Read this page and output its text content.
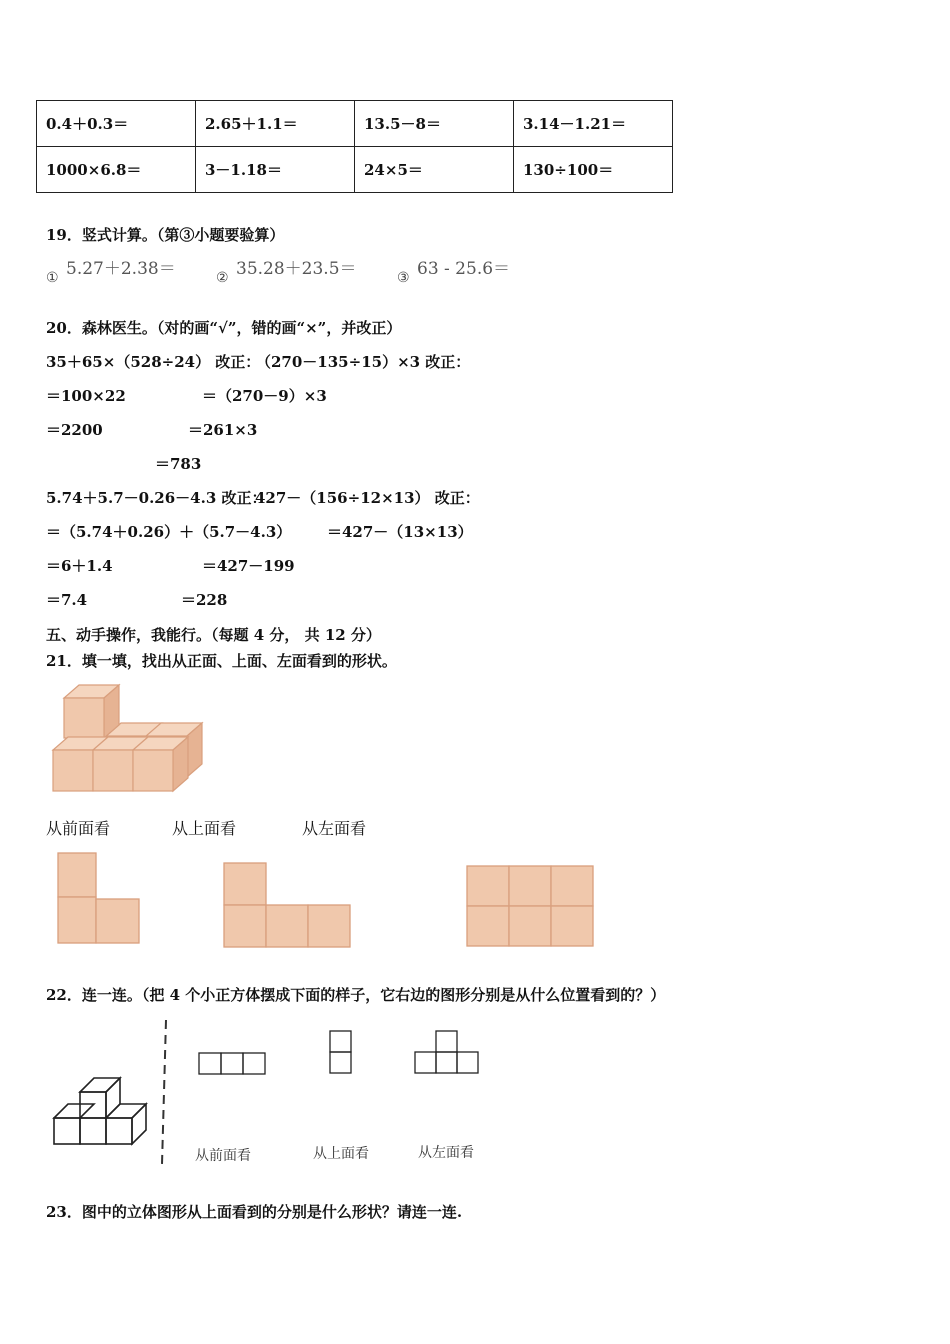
0.4＋0.3＝	2.65＋1.1＝	13.5－8＝	3.14－1.21＝
1000×6.8＝	3－1.18＝	24×5＝	130÷100＝
19．竖式计算。（第③小题要验算）
① 5.27＋2.38＝	② 35.28＋23.5＝	③ 63 - 25.6＝
20．森林医生。（对的画“√”，错的画“×”，并改正）
35＋65×（528÷24） 改正：
（270－135÷15）×3 改正：
＝100×22	＝（270－9）×3
＝2200	＝261×3
＝783
5.74＋5.7－0.26－4.3 改正：
427－（156÷12×13） 改正：
＝（5.74＋0.26）＋（5.7－4.3） ＝427－（13×13）
＝6＋1.4	＝427－199
＝7.4	＝228
五、动手操作，我能行。（每题 4 分， 共 12 分）
21．填一填，找出从正面、上面、左面看到的形状。
从前面看	从上面看	从左面看
22．连一连。（把 4 个小正方体摆成下面的样子，它右边的图形分别是从什么位置看到的？）
从前面看	从上面看	从左面看
23．图中的立体图形从上面看到的分别是什么形状？请连一连.
